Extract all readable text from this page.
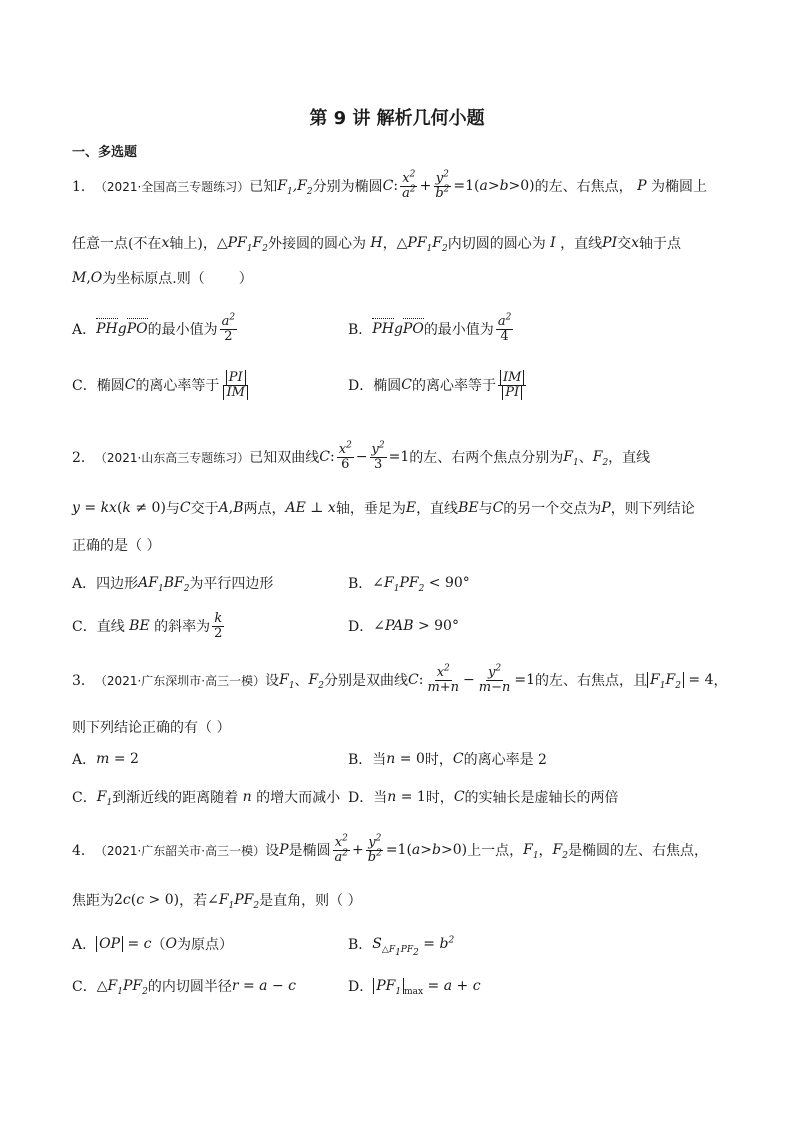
第 9 讲 解析几何小题
一、多选题
1． （2021·全国高三专题练习） 已知 $F_1,F_2$ 分别为椭圆 C: $\frac{x^2}{a^2} + \frac{y^2}{b^2} =1(a>b>0)$ 的左、右焦点， P 为椭圆上
任意一点(不在 x 轴上)， $\triangle PF_1F_2$ 外接圆的圆心为 H ， $\triangle PF_1F_2$ 内切圆的圆心为 I ，直线 PI 交 x 轴于点
M,O 为坐标原点.则（ ）
A． PH g PO 的最小值为 $\frac{a^2}{2}$	B． PH g PO 的最小值为 $\frac{a^2}{4}$
C． 椭圆 C 的离心率等于 $\frac{PI}{IM}$	D． 椭圆 C 的离心率等于 $\frac{IM}{PI}$
2． （2021·山东高三专题练习） 已知双曲线 C: $\frac{x^2}{6} - \frac{y^2}{3} =1$ 的左、右两个焦点分别为 $F_1$ 、 $F_2$ ，直线
y = kx(k ≠ 0) 与 C 交于 A,B 两点， AE ⊥ x 轴，垂足为 E ，直线 BE 与 C 的另一个交点为 P ，则下列结论
正确的是（ ）
A． 四边形 $AF_1BF_2$ 为平行四边形	B． $\angle F_1PF_2 < 90^\circ$
C． 直线 BE 的斜率为 $\frac{k}{2}$	D． ∠PAB > 90°
3． （2021·广东深圳市·高三一模） 设 $F_1$ 、 $F_2$ 分别是双曲线 C: $\frac{x^2}{m+n} - \frac{y^2}{m-n} =1$ 的左、右焦点，且 $F_1F_2 = 4$ ，
则下列结论正确的有（ ）
A． m = 2	B． 当 n = 0 时， C 的离心率是 2
C． $F_1$ 到渐近线的距离随着 n 的增大而减小 D． 当 n = 1 时， C 的实轴长是虚轴长的两倍
4． （2021·广东韶关市·高三一模） 设 P 是椭圆 $\frac{x^2}{a^2} + \frac{y^2}{b^2} =1(a>b>0)$ 上一点， $F_1$ ， $F_2$ 是椭圆的左、右焦点，
焦距为 2c(c > 0) ，若 $\angle F_1PF_2$ 是直角，则（ ）
A． OP = c （ O 为原点）	B． $S_{\triangle F_1PF_2} = b^2$
C． $\triangle F_1PF_2$ 的内切圆半径 r = a − c	D． $PF_1$ $_{max}$ = a + c
